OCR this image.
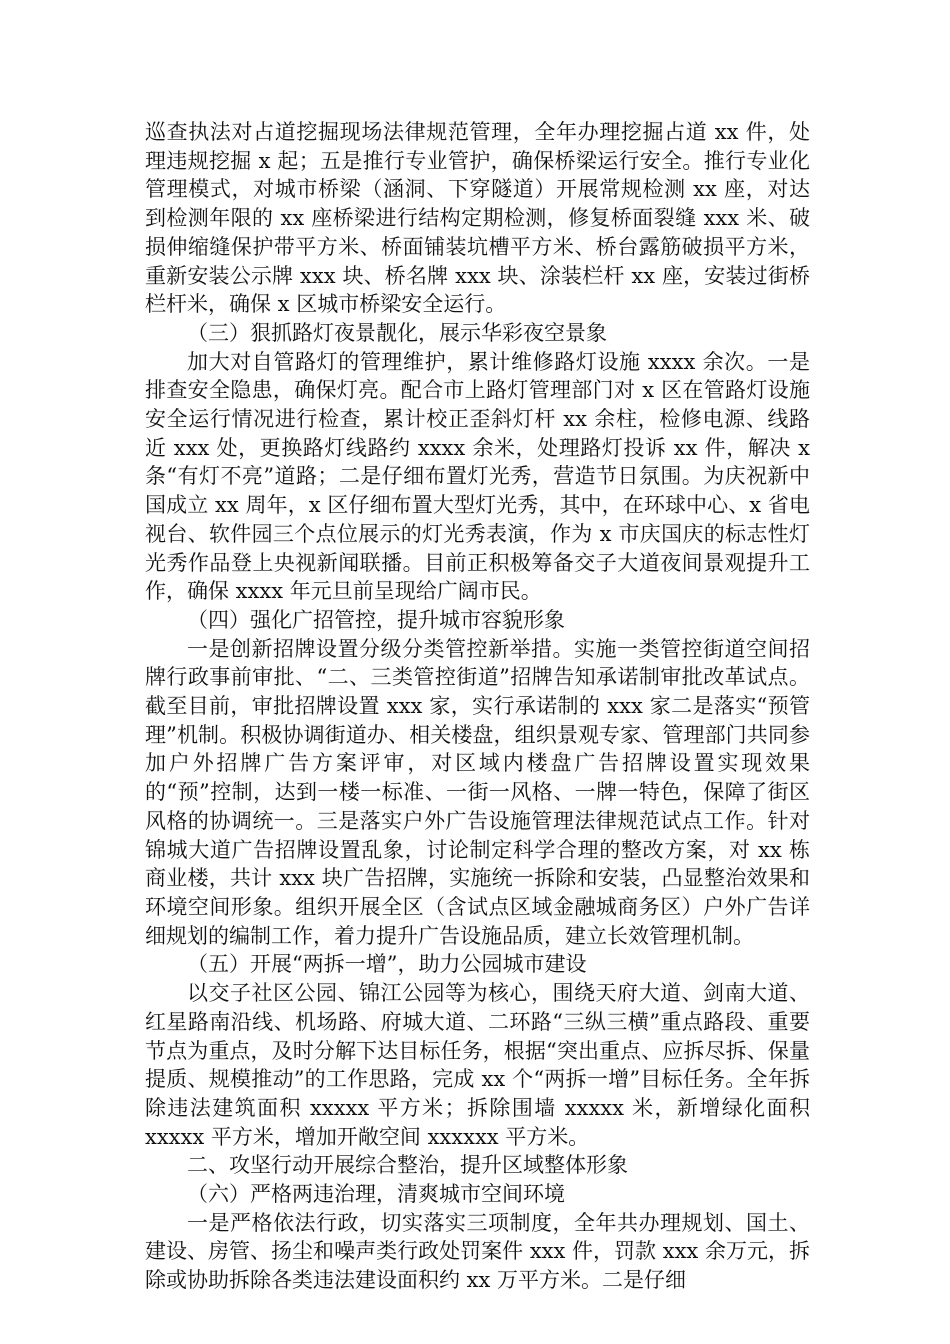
巡查执法对占道挖掘现场法律规范管理，全年办理挖掘占道 xx 件，处理违规挖掘 x 起；五是推行专业管护，确保桥梁运行安全。推行专业化管理模式，对城市桥梁（涵洞、下穿隧道）开展常规检测 xx 座，对达到检测年限的 xx 座桥梁进行结构定期检测，修复桥面裂缝 xxx 米、破损伸缩缝保护带平方米、桥面铺装坑槽平方米、桥台露筋破损平方米，重新安装公示牌 xxx 块、桥名牌 xxx 块、涂装栏杆 xx 座，安装过街桥栏杆米，确保 x 区城市桥梁安全运行。

（三）狠抓路灯夜景靓化，展示华彩夜空景象

加大对自管路灯的管理维护，累计维修路灯设施 xxxx 余次。一是排查安全隐患，确保灯亮。配合市上路灯管理部门对 x 区在管路灯设施安全运行情况进行检查，累计校正歪斜灯杆 xx 余柱，检修电源、线路近 xxx 处，更换路灯线路约 xxxx 余米，处理路灯投诉 xx 件，解决 x 条“有灯不亮”道路；二是仔细布置灯光秀，营造节日氛围。为庆祝新中国成立 xx 周年，x 区仔细布置大型灯光秀，其中，在环球中心、x 省电视台、软件园三个点位展示的灯光秀表演，作为 x 市庆国庆的标志性灯光秀作品登上央视新闻联播。目前正积极筹备交子大道夜间景观提升工作，确保 xxxx 年元旦前呈现给广阔市民。

（四）强化广招管控，提升城市容貌形象

一是创新招牌设置分级分类管控新举措。实施一类管控街道空间招牌行政事前审批、“二、三类管控街道”招牌告知承诺制审批改革试点。截至目前，审批招牌设置 xxx 家，实行承诺制的 xxx 家二是落实“预管理”机制。积极协调街道办、相关楼盘，组织景观专家、管理部门共同参加户外招牌广告方案评审，对区域内楼盘广告招牌设置实现效果的“预”控制，达到一楼一标准、一街一风格、一牌一特色，保障了街区风格的协调统一。三是落实户外广告设施管理法律规范试点工作。针对锦城大道广告招牌设置乱象，讨论制定科学合理的整改方案，对 xx 栋商业楼，共计 xxx 块广告招牌，实施统一拆除和安装，凸显整治效果和环境空间形象。组织开展全区（含试点区域金融城商务区）户外广告详细规划的编制工作，着力提升广告设施品质，建立长效管理机制。

（五）开展“两拆一增”，助力公园城市建设

以交子社区公园、锦江公园等为核心，围绕天府大道、剑南大道、红星路南沿线、机场路、府城大道、二环路“三纵三横”重点路段、重要节点为重点，及时分解下达目标任务，根据“突出重点、应拆尽拆、保量提质、规模推动”的工作思路，完成 xx 个“两拆一增”目标任务。全年拆除违法建筑面积 xxxxx 平方米；拆除围墙 xxxxx 米，新增绿化面积 xxxxx 平方米，增加开敞空间 xxxxxx 平方米。

二、攻坚行动开展综合整治，提升区域整体形象

（六）严格两违治理，清爽城市空间环境

一是严格依法行政，切实落实三项制度，全年共办理规划、国土、建设、房管、扬尘和噪声类行政处罚案件 xxx 件，罚款 xxx 余万元，拆除或协助拆除各类违法建设面积约 xx 万平方米。二是仔细
